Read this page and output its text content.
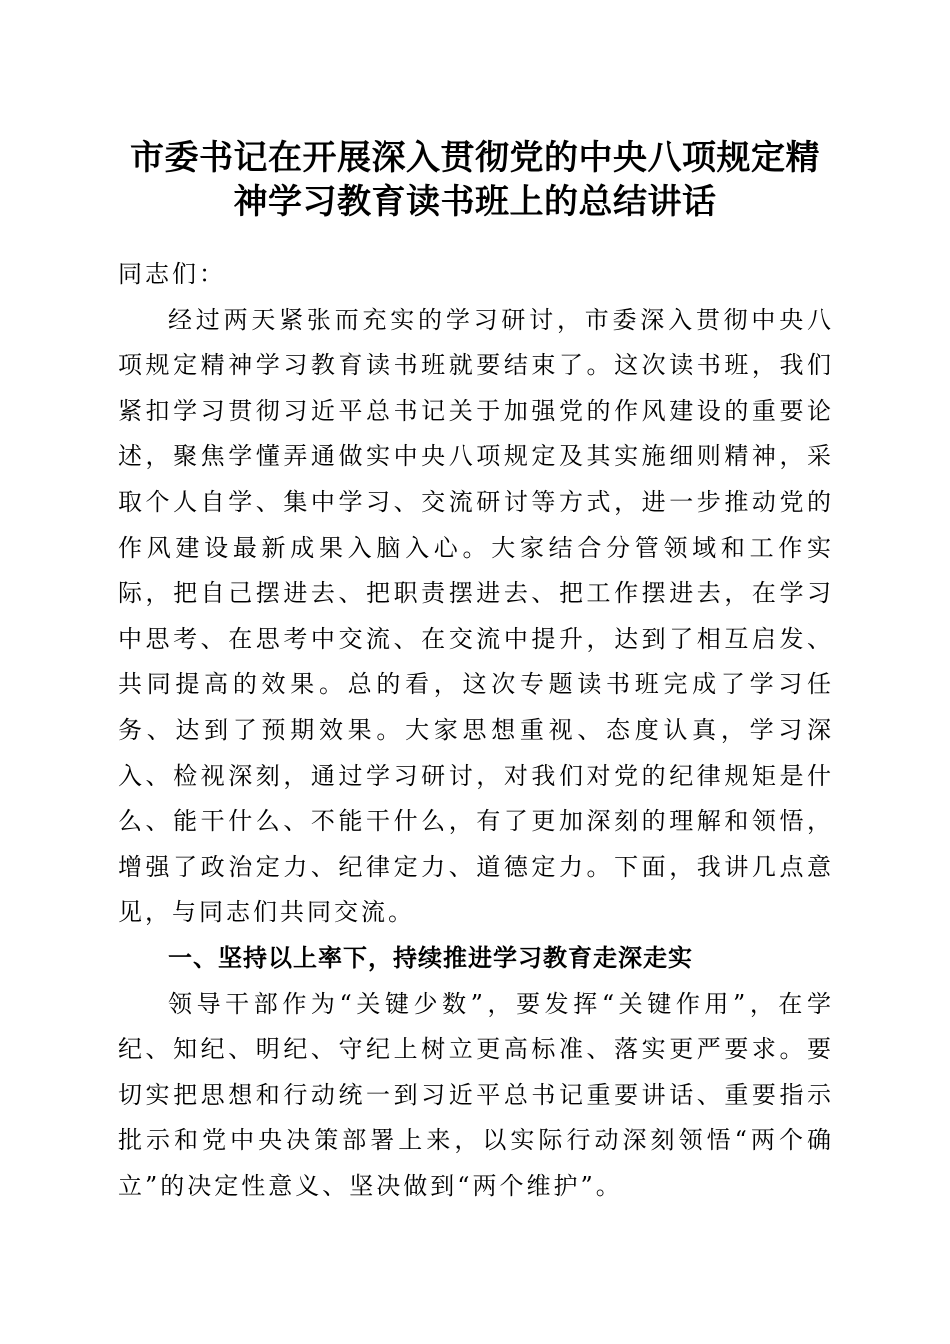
市委书记在开展深入贯彻党的中央八项规定精
神学习教育读书班上的总结讲话

同志们：

经过两天紧张而充实的学习研讨，市委深入贯彻中央八项规定精神学习教育读书班就要结束了。这次读书班，我们紧扣学习贯彻习近平总书记关于加强党的作风建设的重要论述，聚焦学懂弄通做实中央八项规定及其实施细则精神，采取个人自学、集中学习、交流研讨等方式，进一步推动党的作风建设最新成果入脑入心。大家结合分管领域和工作实际，把自己摆进去、把职责摆进去、把工作摆进去，在学习中思考、在思考中交流、在交流中提升，达到了相互启发、共同提高的效果。总的看，这次专题读书班完成了学习任务、达到了预期效果。大家思想重视、态度认真，学习深入、检视深刻，通过学习研讨，对我们对党的纪律规矩是什么、能干什么、不能干什么，有了更加深刻的理解和领悟，增强了政治定力、纪律定力、道德定力。下面，我讲几点意见，与同志们共同交流。

一、坚持以上率下，持续推进学习教育走深走实

领导干部作为“关键少数”，要发挥“关键作用”，在学纪、知纪、明纪、守纪上树立更高标准、落实更严要求。要切实把思想和行动统一到习近平总书记重要讲话、重要指示批示和党中央决策部署上来，以实际行动深刻领悟“两个确立”的决定性意义、坚决做到“两个维护”。
